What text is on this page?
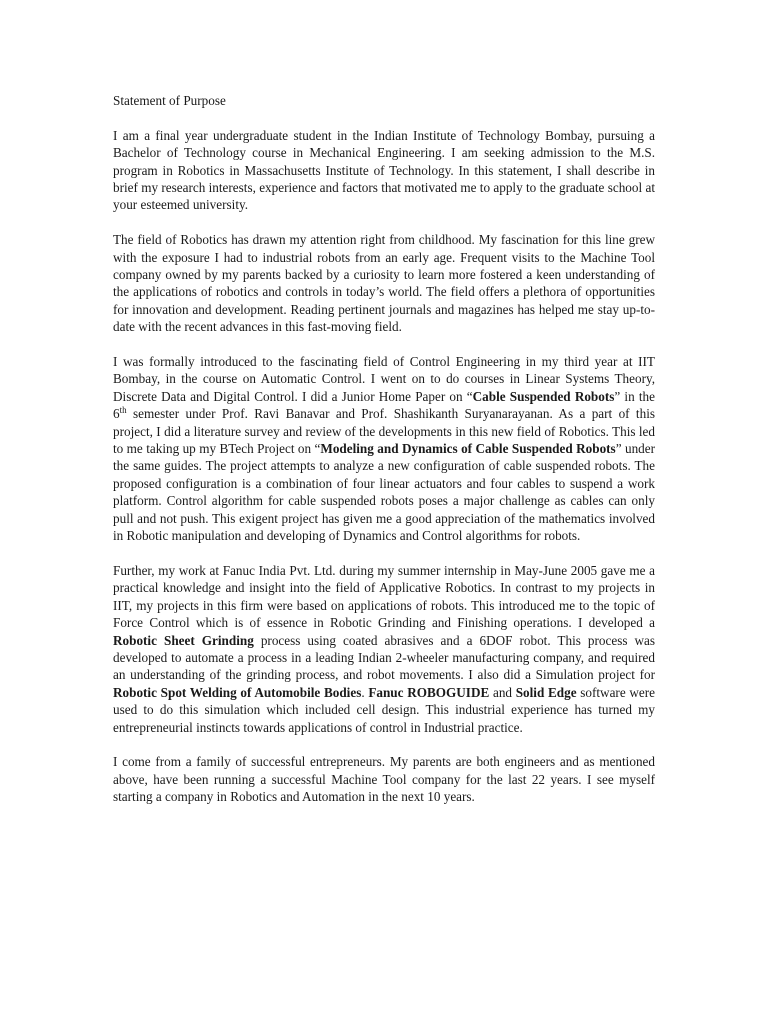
Statement of Purpose

I am a final year undergraduate student in the Indian Institute of Technology Bombay, pursuing a Bachelor of Technology course in Mechanical Engineering. I am seeking admission to the M.S. program in Robotics in Massachusetts Institute of Technology. In this statement, I shall describe in brief my research interests, experience and factors that motivated me to apply to the graduate school at your esteemed university.

The field of Robotics has drawn my attention right from childhood. My fascination for this line grew with the exposure I had to industrial robots from an early age. Frequent visits to the Machine Tool company owned by my parents backed by a curiosity to learn more fostered a keen understanding of the applications of robotics and controls in today’s world. The field offers a plethora of opportunities for innovation and development. Reading pertinent journals and magazines has helped me stay up-to-date with the recent advances in this fast-moving field.

I was formally introduced to the fascinating field of Control Engineering in my third year at IIT Bombay, in the course on Automatic Control. I went on to do courses in Linear Systems Theory, Discrete Data and Digital Control. I did a Junior Home Paper on “Cable Suspended Robots” in the 6th semester under Prof. Ravi Banavar and Prof. Shashikanth Suryanarayanan. As a part of this project, I did a literature survey and review of the developments in this new field of Robotics. This led to me taking up my BTech Project on “Modeling and Dynamics of Cable Suspended Robots” under the same guides. The project attempts to analyze a new configuration of cable suspended robots. The proposed configuration is a combination of four linear actuators and four cables to suspend a work platform. Control algorithm for cable suspended robots poses a major challenge as cables can only pull and not push. This exigent project has given me a good appreciation of the mathematics involved in Robotic manipulation and developing of Dynamics and Control algorithms for robots.

Further, my work at Fanuc India Pvt. Ltd. during my summer internship in May-June 2005 gave me a practical knowledge and insight into the field of Applicative Robotics. In contrast to my projects in IIT, my projects in this firm were based on applications of robots. This introduced me to the topic of Force Control which is of essence in Robotic Grinding and Finishing operations. I developed a Robotic Sheet Grinding process using coated abrasives and a 6DOF robot. This process was developed to automate a process in a leading Indian 2-wheeler manufacturing company, and required an understanding of the grinding process, and robot movements. I also did a Simulation project for Robotic Spot Welding of Automobile Bodies. Fanuc ROBOGUIDE and Solid Edge software were used to do this simulation which included cell design. This industrial experience has turned my entrepreneurial instincts towards applications of control in Industrial practice.

I come from a family of successful entrepreneurs. My parents are both engineers and as mentioned above, have been running a successful Machine Tool company for the last 22 years. I see myself starting a company in Robotics and Automation in the next 10 years.
